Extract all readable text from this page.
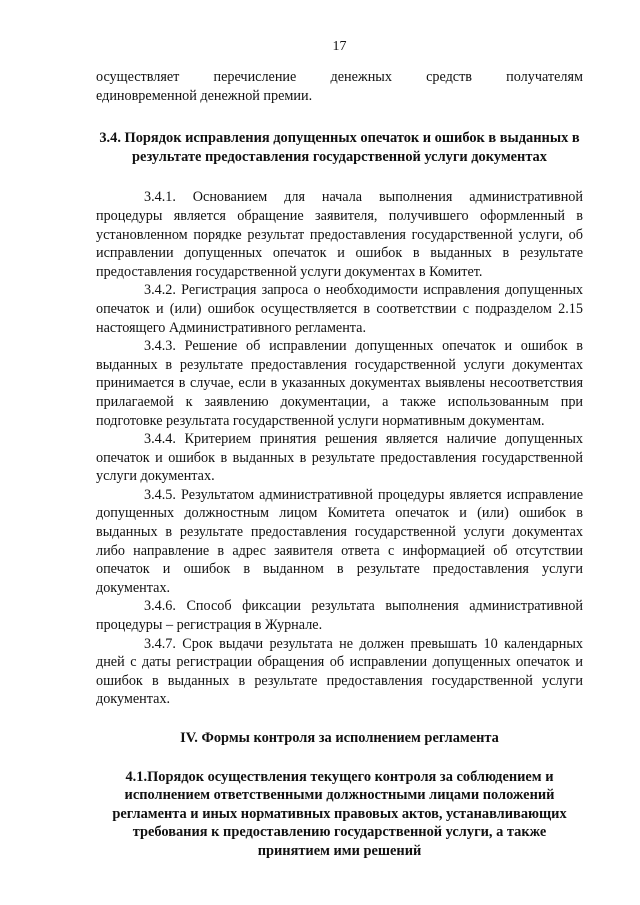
17

осуществляет перечисление денежных средств получателям
единовременной денежной премии.

3.4. Порядок исправления допущенных опечаток и ошибок в выданных в результате предоставления государственной услуги документах

3.4.1. Основанием для начала выполнения административной процедуры является обращение заявителя, получившего оформленный в установленном порядке результат предоставления государственной услуги, об исправлении допущенных опечаток и ошибок в выданных в результате предоставления государственной услуги документах в Комитет.

3.4.2. Регистрация запроса о необходимости исправления допущенных опечаток и (или) ошибок осуществляется в соответствии с подразделом 2.15 настоящего Административного регламента.

3.4.3. Решение об исправлении допущенных опечаток и ошибок в выданных в результате предоставления государственной услуги документах принимается в случае, если в указанных документах выявлены несоответствия прилагаемой к заявлению документации, а также использованным при подготовке результата государственной услуги нормативным документам.

3.4.4. Критерием принятия решения является наличие допущенных опечаток и ошибок в выданных в результате предоставления государственной услуги документах.

3.4.5. Результатом административной процедуры является исправление допущенных должностным лицом Комитета опечаток и (или) ошибок в выданных в результате предоставления государственной услуги документах либо направление в адрес заявителя ответа с информацией об отсутствии опечаток и ошибок в выданном в результате предоставления услуги документах.

3.4.6. Способ фиксации результата выполнения административной процедуры – регистрация в Журнале.

3.4.7. Срок выдачи результата не должен превышать 10 календарных дней с даты регистрации обращения об исправлении допущенных опечаток и ошибок в выданных в результате предоставления государственной услуги документах.

IV. Формы контроля за исполнением регламента
4.1.Порядок осуществления текущего контроля за соблюдением и исполнением ответственными должностными лицами положений регламента и иных нормативных правовых актов, устанавливающих требования к предоставлению государственной услуги, а также принятием ими решений
